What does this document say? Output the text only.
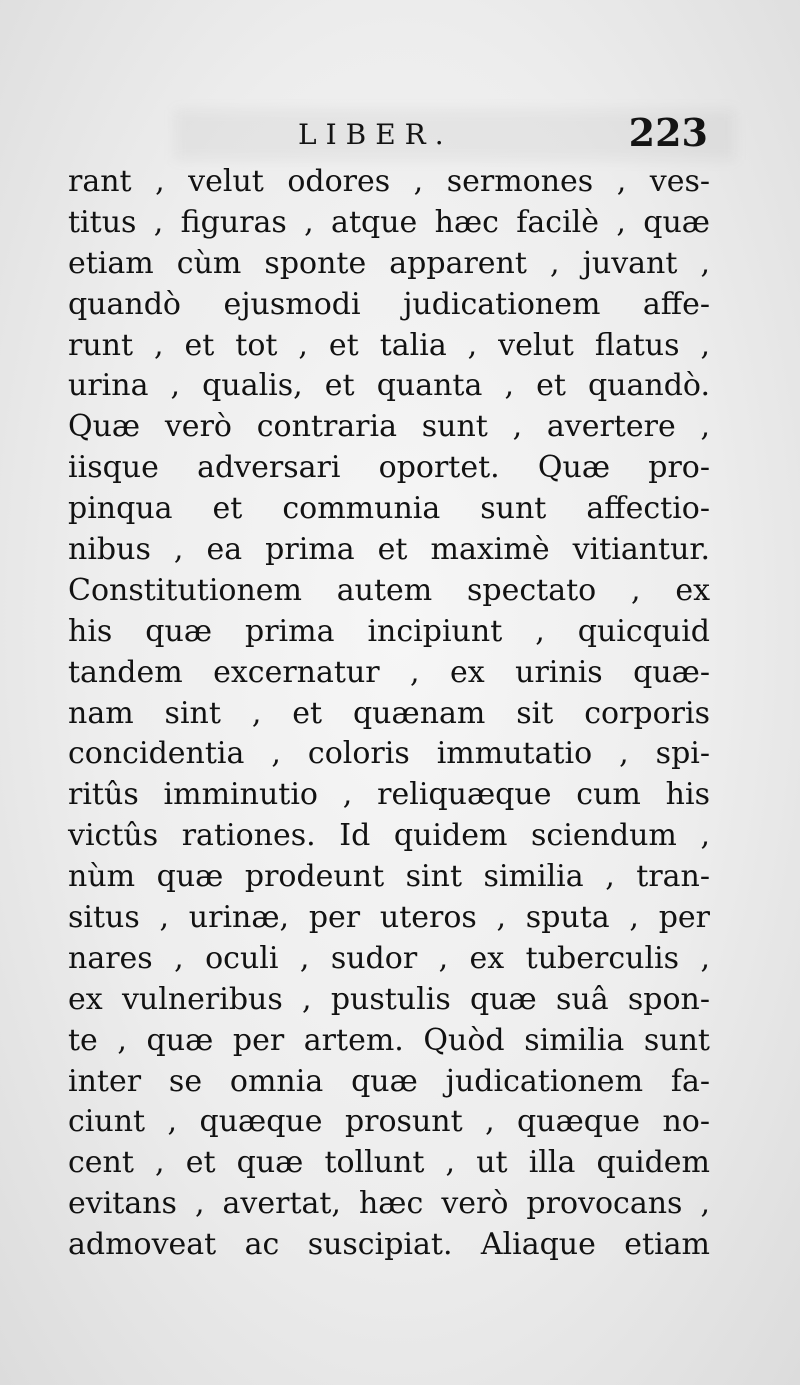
LIBER.	223
rant , velut odores , sermones , ves-
titus , figuras , atque hæc facilè , quæ
etiam cùm sponte apparent , juvant ,
quandò ejusmodi judicationem affe-
runt , et tot , et talia , velut flatus ,
urina , qualis, et quanta , et quandò.
Quæ verò contraria sunt , avertere ,
iisque adversari oportet. Quæ pro-
pinqua et communia sunt affectio-
nibus , ea prima et maximè vitiantur.
Constitutionem autem spectato , ex
his quæ prima incipiunt , quicquid
tandem excernatur , ex urinis quæ-
nam sint , et quænam sit corporis
concidentia , coloris immutatio , spi-
ritûs imminutio , reliquæque cum his
victûs rationes. Id quidem sciendum ,
nùm quæ prodeunt sint similia , tran-
situs , urinæ, per uteros , sputa , per
nares , oculi , sudor , ex tuberculis ,
ex vulneribus , pustulis quæ suâ spon-
te , quæ per artem. Quòd similia sunt
inter se omnia quæ judicationem fa-
ciunt , quæque prosunt , quæque no-
cent , et quæ tollunt , ut illa quidem
evitans , avertat, hæc verò provocans ,
admoveat ac suscipiat. Aliaque etiam
